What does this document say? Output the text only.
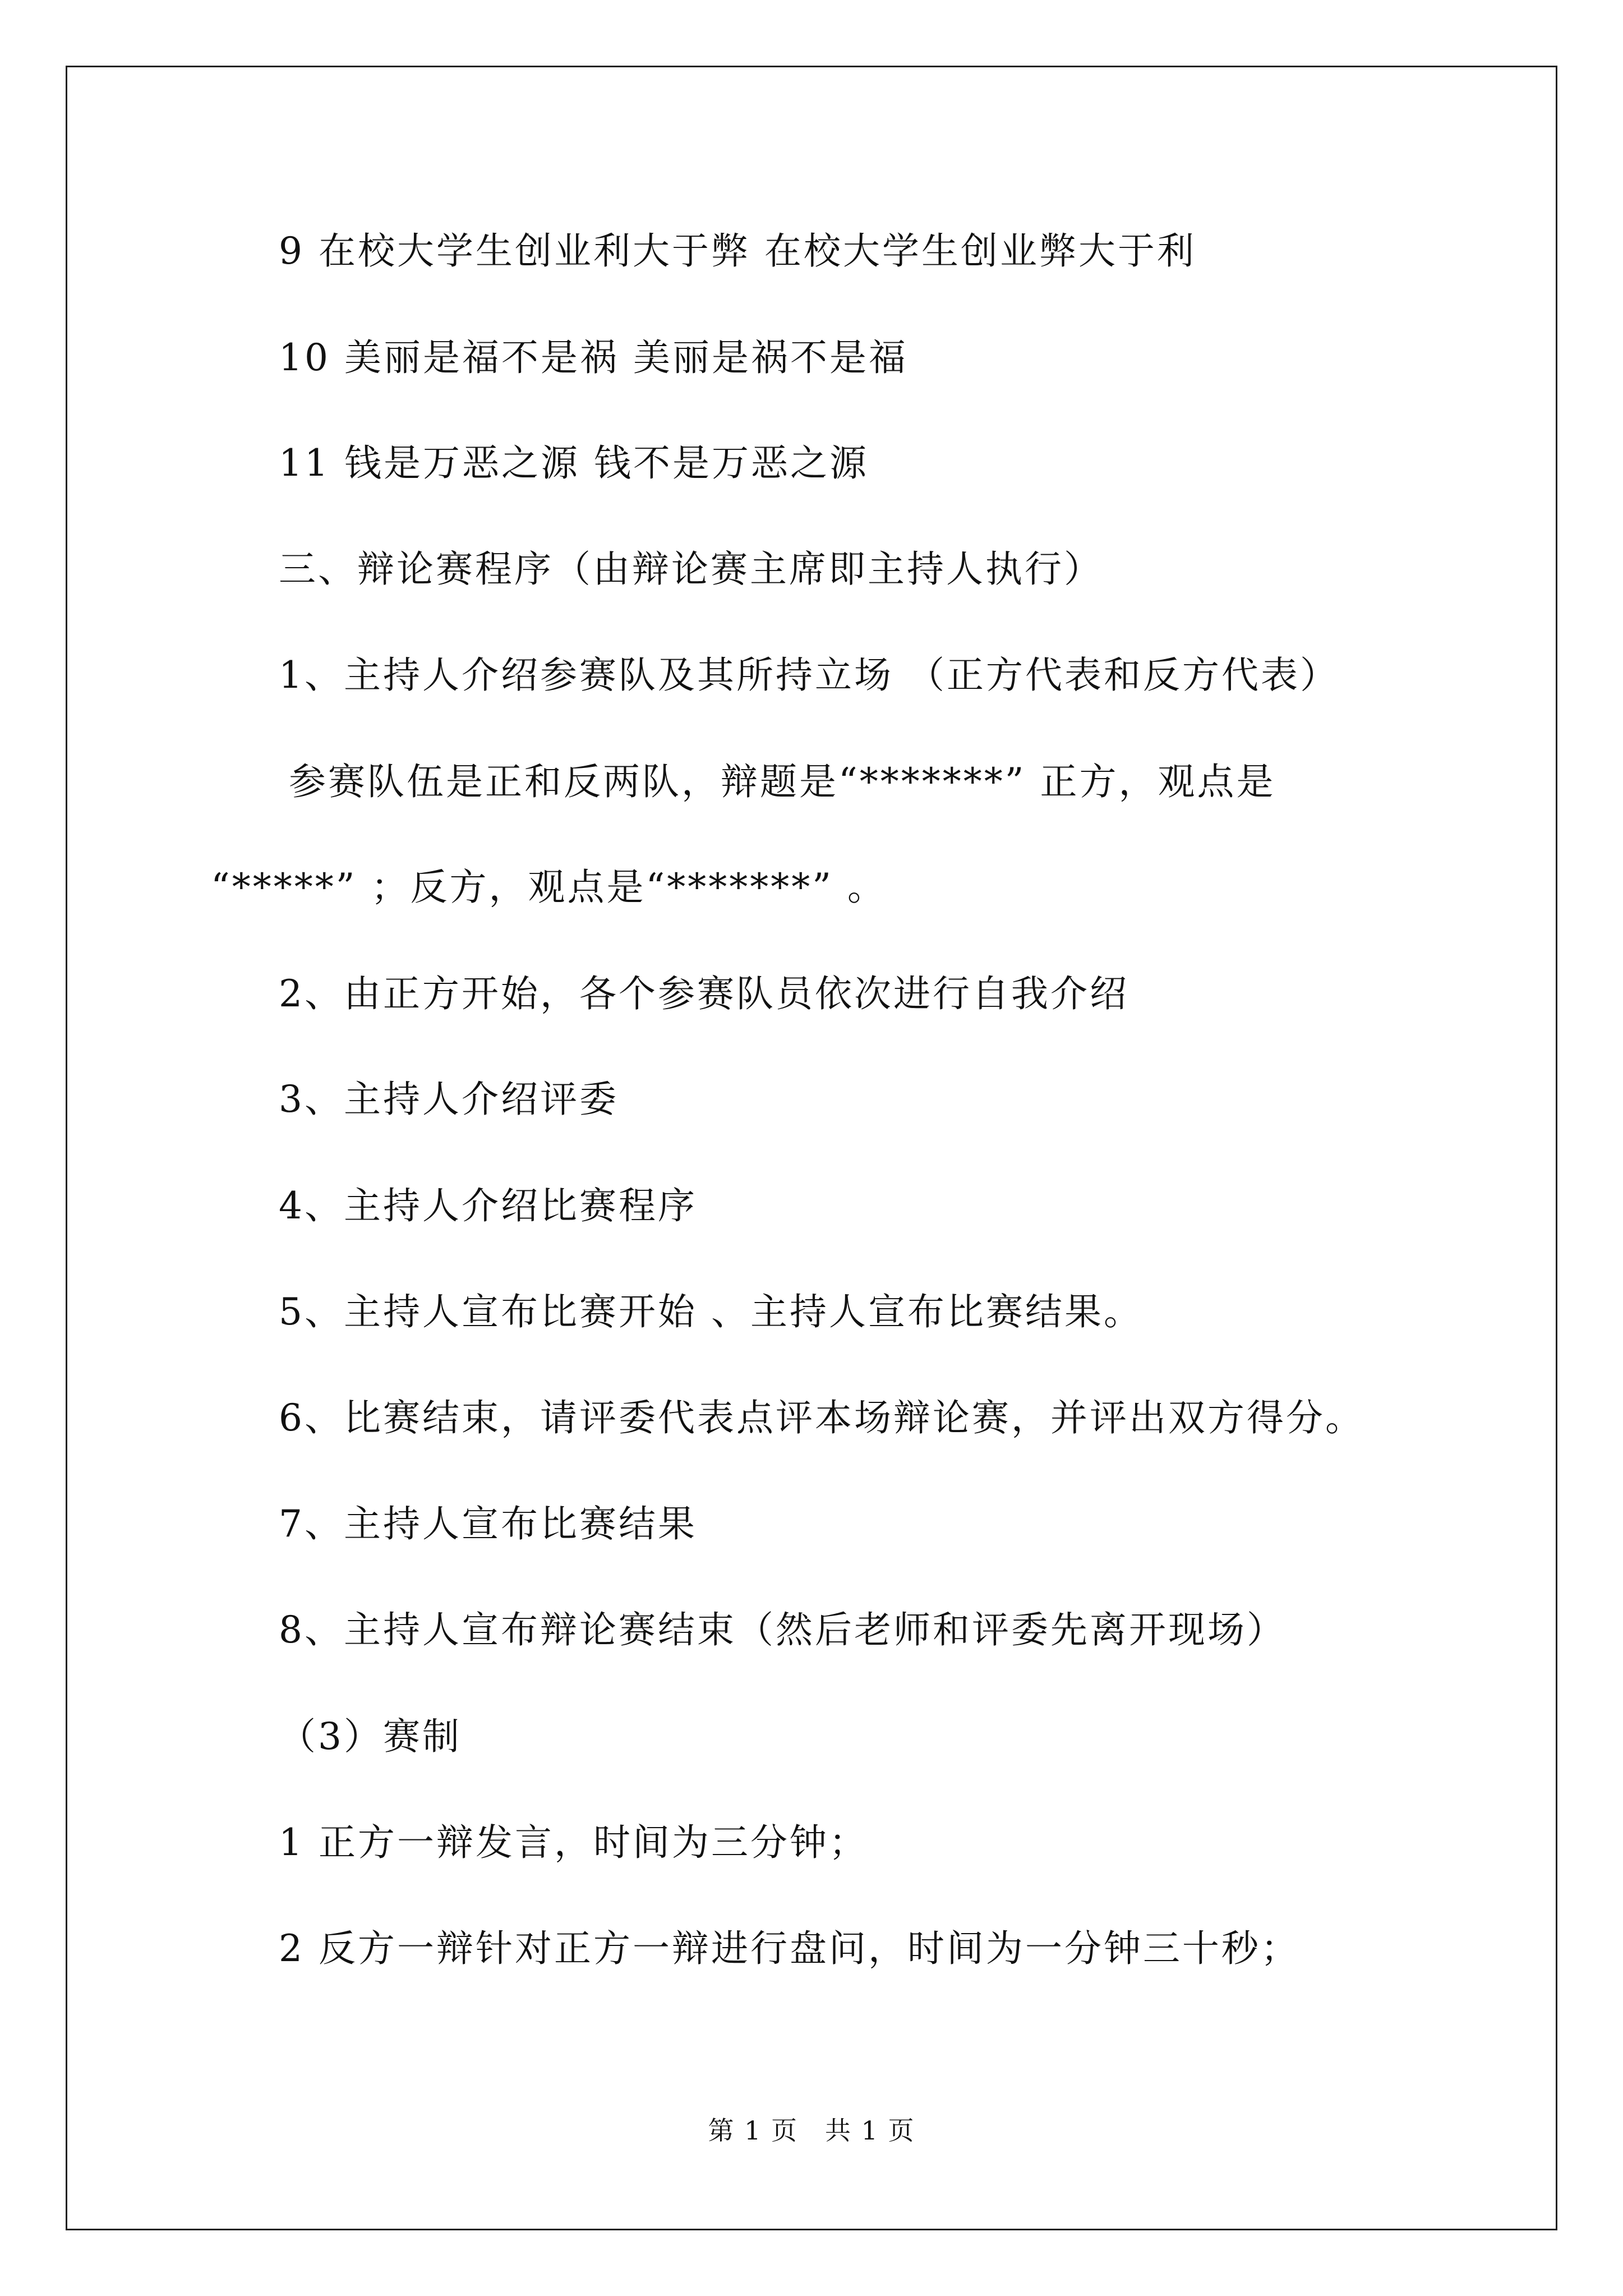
9 在校大学生创业利大于弊 在校大学生创业弊大于利
10 美丽是福不是祸 美丽是祸不是福
11 钱是万恶之源 钱不是万恶之源
三、辩论赛程序（由辩论赛主席即主持人执行）
1、主持人介绍参赛队及其所持立场 （正方代表和反方代表）
参赛队伍是正和反两队，辩题是“*******” 正方，观点是
“*****” ；反方，观点是“*******” 。
2、由正方开始，各个参赛队员依次进行自我介绍
3、主持人介绍评委
4、主持人介绍比赛程序
5、主持人宣布比赛开始 、主持人宣布比赛结果。
6、比赛结束，请评委代表点评本场辩论赛，并评出双方得分。
7、主持人宣布比赛结果
8、主持人宣布辩论赛结束（然后老师和评委先离开现场）
（3）赛制
1 正方一辩发言，时间为三分钟；
2 反方一辩针对正方一辩进行盘问，时间为一分钟三十秒；
第 1 页　共 1 页
